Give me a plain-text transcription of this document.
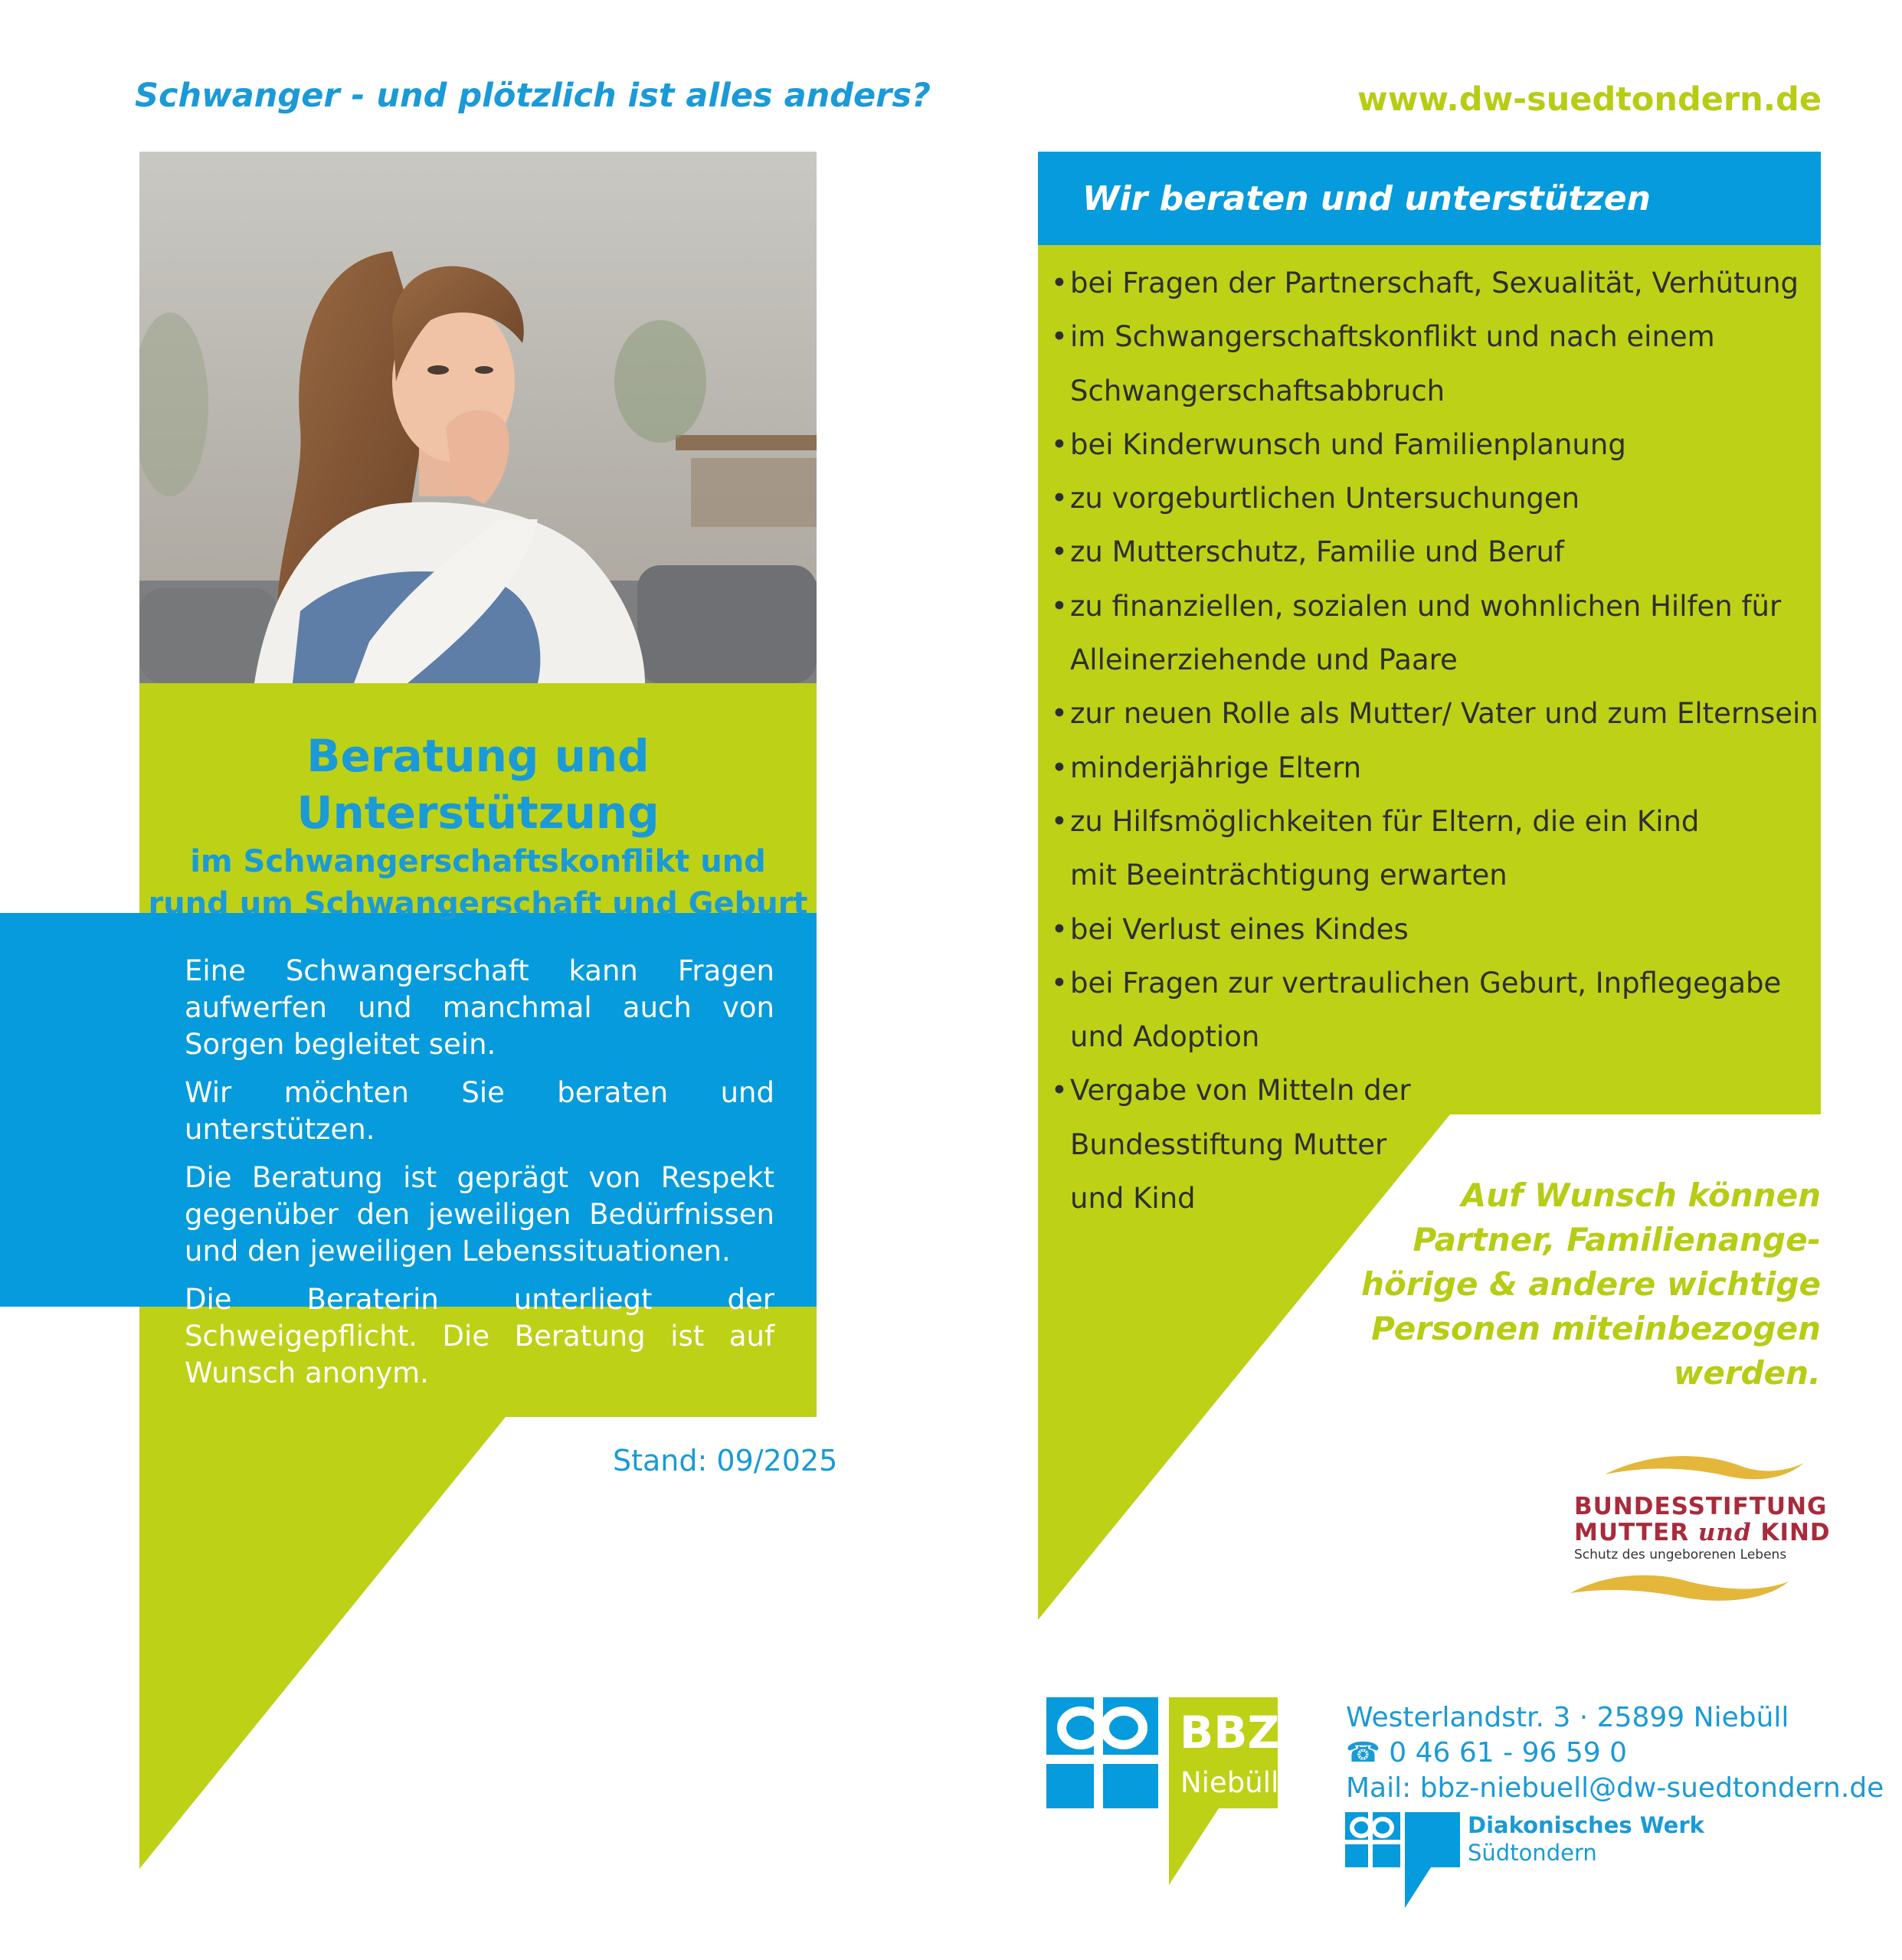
Schwanger - und plötzlich ist alles anders?
Beratung und Unterstützung
im Schwangerschaftskonflikt und
rund um Schwangerschaft und Geburt

Eine Schwangerschaft kann Fragen aufwerfen und manchmal auch von Sorgen begleitet sein.

Wir möchten Sie beraten und unterstützen.

Die Beratung ist geprägt von Respekt gegenüber den jeweiligen Bedürfnissen und den jeweiligen Lebenssituationen.

Die Beraterin unterliegt der Schweigepflicht. Die Beratung ist auf Wunsch anonym.

Stand: 09/2025
www.dw-suedtondern.de
Wir beraten und unterstützen
• bei Fragen der Partnerschaft, Sexualität, Verhütung
• im Schwangerschaftskonflikt und nach einem
Schwangerschaftsabbruch
• bei Kinderwunsch und Familienplanung
• zu vorgeburtlichen Untersuchungen
• zu Mutterschutz, Familie und Beruf
• zu finanziellen, sozialen und wohnlichen Hilfen für
Alleinerziehende und Paare
• zur neuen Rolle als Mutter/ Vater und zum Elternsein
• minderjährige Eltern
• zu Hilfsmöglichkeiten für Eltern, die ein Kind
mit Beeinträchtigung erwarten
• bei Verlust eines Kindes
• bei Fragen zur vertraulichen Geburt, Inpflegegabe
und Adoption
• Vergabe von Mitteln der
Bundesstiftung Mutter
und Kind	Auf Wunsch können
Partner, Familienange-
hörige & andere wichtige
Personen miteinbezogen
werden.
BUNDESSTIFTUNG
MUTTER und KIND
Schutz des ungeborenen Lebens
BBZ
Niebüll
Westerlandstr. 3 · 25899 Niebüll
☎ 0 46 61 - 96 59 0
Mail: bbz-niebuell@dw-suedtondern.de
Diakonisches Werk
Südtondern
